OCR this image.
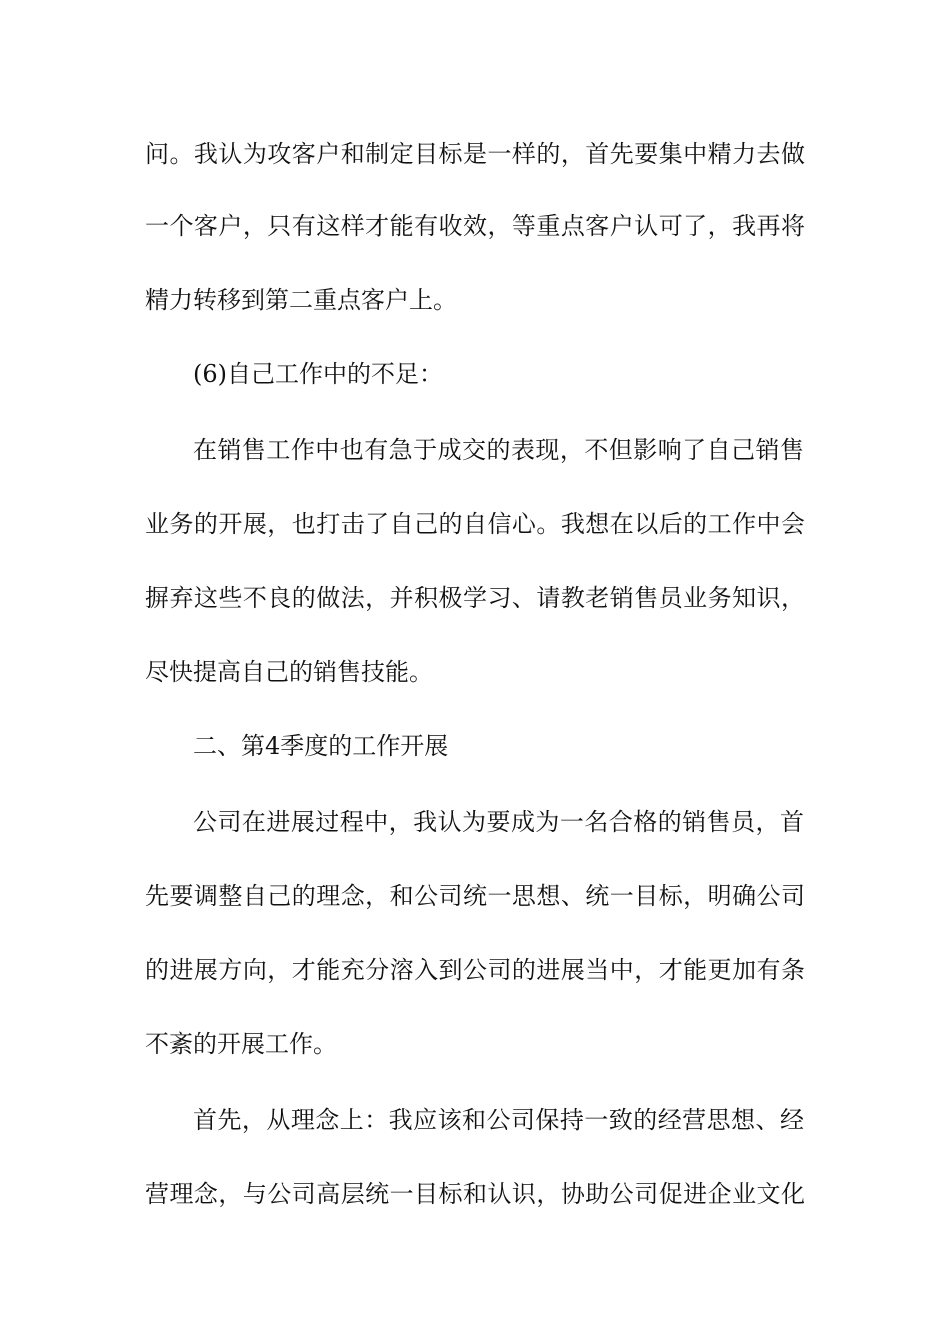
问。我认为攻客户和制定目标是一样的，首先要集中精力去做
一个客户，只有这样才能有收效，等重点客户认可了，我再将
精力转移到第二重点客户上。
(6)自己工作中的不足：
在销售工作中也有急于成交的表现，不但影响了自己销售
业务的开展，也打击了自己的自信心。我想在以后的工作中会
摒弃这些不良的做法，并积极学习、请教老销售员业务知识，
尽快提高自己的销售技能。
二、第4季度的工作开展
公司在进展过程中，我认为要成为一名合格的销售员，首
先要调整自己的理念，和公司统一思想、统一目标，明确公司
的进展方向，才能充分溶入到公司的进展当中，才能更加有条
不紊的开展工作。
首先，从理念上：我应该和公司保持一致的经营思想、经
营理念，与公司高层统一目标和认识，协助公司促进企业文化
